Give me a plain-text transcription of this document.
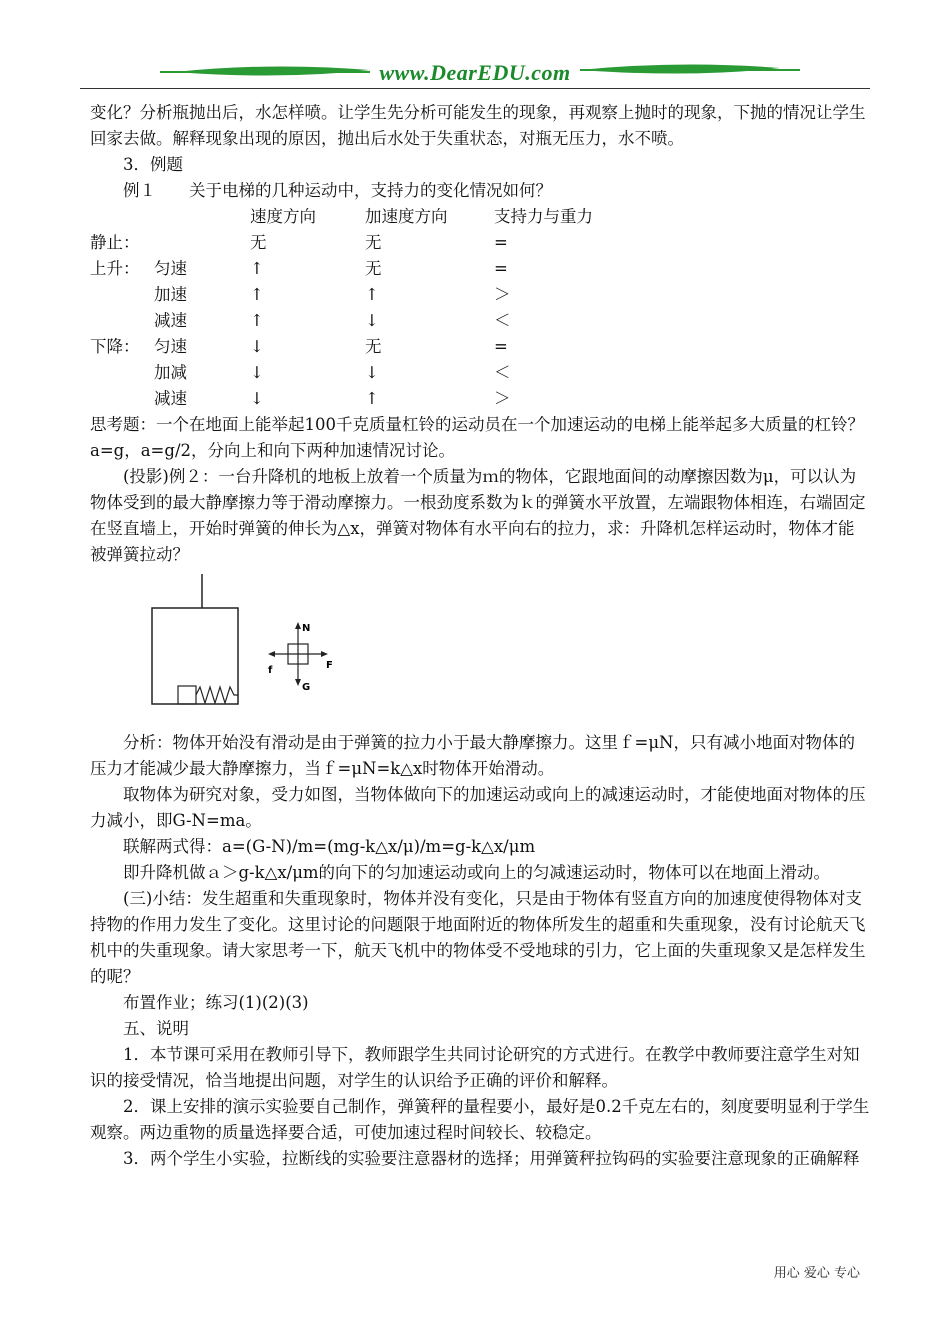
www.DearEDU.com

变化？分析瓶抛出后，水怎样喷。让学生先分析可能发生的现象，再观察上抛时的现象，下抛的情况让学生回家去做。解释现象出现的原因，抛出后水处于失重状态，对瓶无压力，水不喷。

3．例题

例１　　关于电梯的几种运动中，支持力的变化情况如何？

速度方向	加速度方向	支持力与重力
静止：	无	无	=
上升： 匀速	↑	无	=
加速	↑	↑	＞
减速	↑	↓	＜
下降： 匀速	↓	无	=
加减	↓	↓	＜
减速	↓	↑	＞

思考题：一个在地面上能举起100千克质量杠铃的运动员在一个加速运动的电梯上能举起多大质量的杠铃？a=g，a=g/2，分向上和向下两种加速情况讨论。

(投影)例２：一台升降机的地板上放着一个质量为ｍ的物体，它跟地面间的动摩擦因数为μ，可以认为物体受到的最大静摩擦力等于滑动摩擦力。一根劲度系数为ｋ的弹簧水平放置，左端跟物体相连，右端固定在竖直墙上，开始时弹簧的伸长为△x，弹簧对物体有水平向右的拉力，求：升降机怎样运动时，物体才能被弹簧拉动？

N
G
f	F

分析：物体开始没有滑动是由于弹簧的拉力小于最大静摩擦力。这里ｆ=μN，只有减小地面对物体的压力才能减少最大静摩擦力，当ｆ=μN=k△x时物体开始滑动。

取物体为研究对象，受力如图，当物体做向下的加速运动或向上的减速运动时，才能使地面对物体的压力减小，即G-N=ma。

联解两式得：a=(G-N)/m=(mg-k△x/μ)/m=g-k△x/μm

即升降机做ａ＞g-k△x/μm的向下的匀加速运动或向上的匀减速运动时，物体可以在地面上滑动。

(三)小结：发生超重和失重现象时，物体并没有变化，只是由于物体有竖直方向的加速度使得物体对支持物的作用力发生了变化。这里讨论的问题限于地面附近的物体所发生的超重和失重现象，没有讨论航天飞机中的失重现象。请大家思考一下，航天飞机中的物体受不受地球的引力，它上面的失重现象又是怎样发生的呢？

布置作业；练习(1)(2)(3)

五、说明

1．本节课可采用在教师引导下，教师跟学生共同讨论研究的方式进行。在教学中教师要注意学生对知识的接受情况，恰当地提出问题，对学生的认识给予正确的评价和解释。

2．课上安排的演示实验要自己制作，弹簧秤的量程要小，最好是0.2千克左右的，刻度要明显利于学生观察。两边重物的质量选择要合适，可使加速过程时间较长、较稳定。

3．两个学生小实验，拉断线的实验要注意器材的选择；用弹簧秤拉钩码的实验要注意现象的正确解释

用心 爱心 专心
